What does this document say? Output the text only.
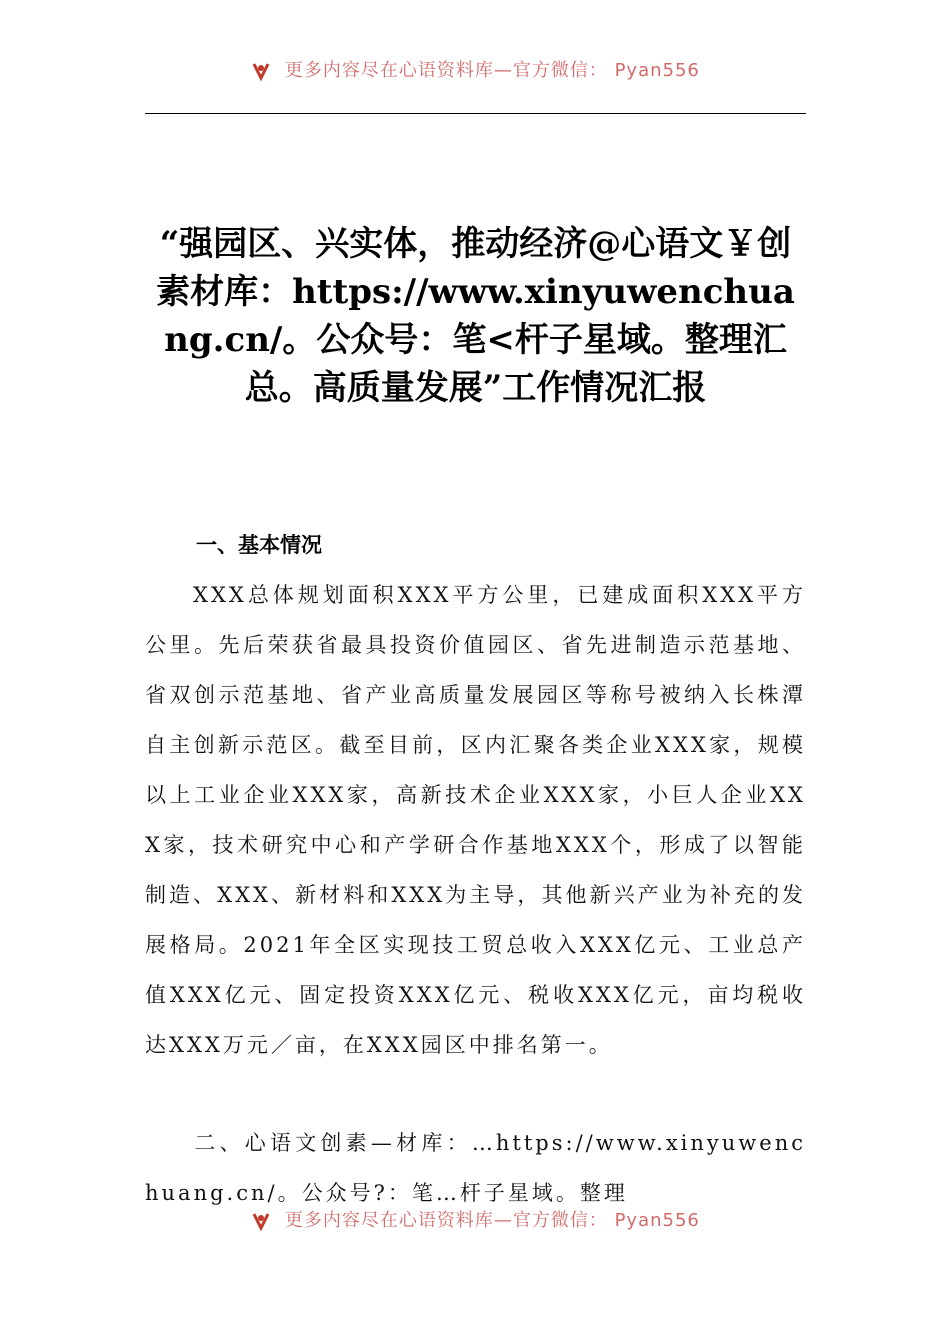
更多内容尽在心语资料库—官方微信： Pyan556
“强园区、兴实体，推动经济@心语文￥创素材库：https://www.xinyuwenchuang.cn/。公众号：笔<杆子星域。整理汇总。高质量发展”工作情况汇报
一、基本情况
XXX总体规划面积XXX平方公里，已建成面积XXX平方公里。先后荣获省最具投资价值园区、省先进制造示范基地、省双创示范基地、省产业高质量发展园区等称号被纳入长株潭自主创新示范区。截至目前，区内汇聚各类企业XXX家，规模以上工业企业XXX家，高新技术企业XXX家，小巨人企业XXX家，技术研究中心和产学研合作基地XXX个，形成了以智能制造、XXX、新材料和XXX为主导，其他新兴产业为补充的发展格局。2021年全区实现技工贸总收入XXX亿元、工业总产值XXX亿元、固定投资XXX亿元、税收XXX亿元，亩均税收达XXX万元／亩，在XXX园区中排名第一。
二、心语文创素—材库：…https://www.xinyuwenchuang.cn/。公众号?：笔…杆子星域。整理
更多内容尽在心语资料库—官方微信： Pyan556
